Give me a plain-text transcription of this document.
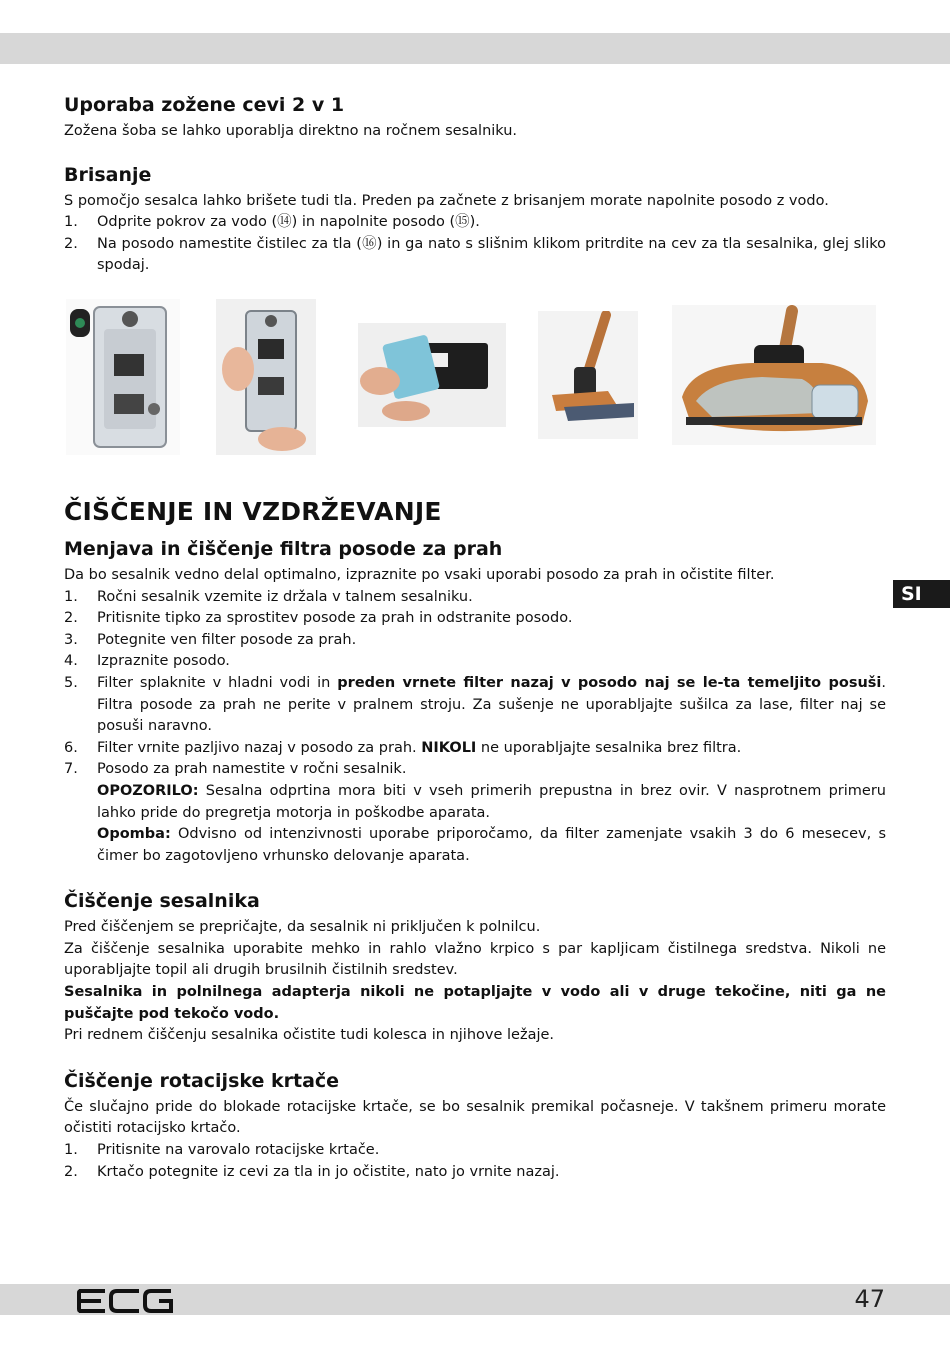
Uporaba zožene cevi 2 v 1

Zožena šoba se lahko uporablja direktno na ročnem sesalniku.

Brisanje

S pomočjo sesalca lahko brišete tudi tla. Preden pa začnete z brisanjem morate napolnite posodo z vodo.

1. Odprite pokrov za vodo (⑭) in napolnite posodo (⑮).
2. Na posodo namestite čistilec za tla (⑯) in ga nato s slišnim klikom pritrdite na cev za tla sesalnika, glej sliko spodaj.
ČIŠČENJE IN VZDRŽEVANJE
Menjava in čiščenje filtra posode za prah

Da bo sesalnik vedno delal optimalno, izpraznite po vsaki uporabi posodo za prah in očistite filter.

1. Ročni sesalnik vzemite iz držala v talnem sesalniku.
2. Pritisnite tipko za sprostitev posode za prah in odstranite posodo.
3. Potegnite ven filter posode za prah.
4. Izpraznite posodo.
5. Filter splaknite v hladni vodi in preden vrnete filter nazaj v posodo naj se le-ta temeljito posuši. Filtra posode za prah ne perite v pralnem stroju. Za sušenje ne uporabljajte sušilca za lase, filter naj se posuši naravno.
6. Filter vrnite pazljivo nazaj v posodo za prah. NIKOLI ne uporabljajte sesalnika brez filtra.
7. Posodo za prah namestite v ročni sesalnik.
OPOZORILO: Sesalna odprtina mora biti v vseh primerih prepustna in brez ovir. V nasprotnem primeru lahko pride do pregretja motorja in poškodbe aparata.
Opomba: Odvisno od intenzivnosti uporabe priporočamo, da filter zamenjate vsakih 3 do 6 mesecev, s čimer bo zagotovljeno vrhunsko delovanje aparata.
Čiščenje sesalnika

Pred čiščenjem se prepričajte, da sesalnik ni priključen k polnilcu.

Za čiščenje sesalnika uporabite mehko in rahlo vlažno krpico s par kapljicam čistilnega sredstva. Nikoli ne uporabljajte topil ali drugih brusilnih čistilnih sredstev.

Sesalnika in polnilnega adapterja nikoli ne potapljajte v vodo ali v druge tekočine, niti ga ne puščajte pod tekočo vodo.

Pri rednem čiščenju sesalnika očistite tudi kolesca in njihove ležaje.

Čiščenje rotacijske krtače

Če slučajno pride do blokade rotacijske krtače, se bo sesalnik premikal počasneje. V takšnem primeru morate očistiti rotacijsko krtačo.

1. Pritisnite na varovalo rotacijske krtače.
2. Krtačo potegnite iz cevi za tla in jo očistite, nato jo vrnite nazaj.
SI
47
